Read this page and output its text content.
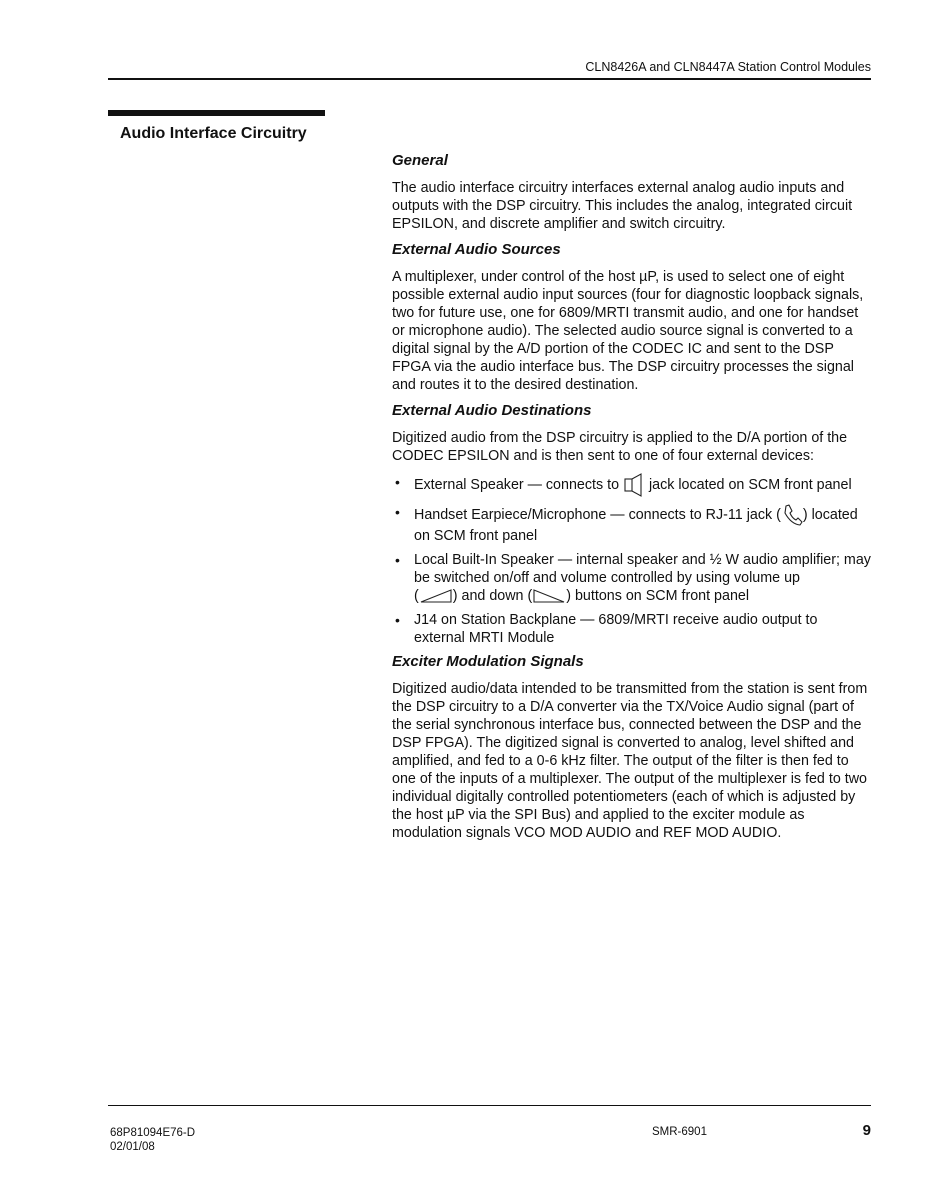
CLN8426A and CLN8447A Station Control Modules
Audio Interface Circuitry
General

The audio interface circuitry interfaces external analog audio inputs and outputs with the DSP circuitry. This includes the analog, integrated circuit EPSILON, and discrete amplifier and switch circuitry.

External Audio Sources

A multiplexer, under control of the host µP, is used to select one of eight possible external audio input sources (four for diagnostic loopback signals, two for future use, one for 6809/MRTI transmit audio, and one for handset or microphone audio). The selected audio source signal is converted to a digital signal by the A/D portion of the CODEC IC and sent to the DSP FPGA via the audio interface bus. The DSP circuitry processes the signal and routes it to the desired destination.

External Audio Destinations

Digitized audio from the DSP circuitry is applied to the D/A portion of the CODEC EPSILON and is then sent to one of four external devices:

• External Speaker — connects to
jack located on SCM front panel
• Handset Earpiece/Microphone — connects to RJ-11 jack ( ) located on SCM front panel
• Local Built-In Speaker — internal speaker and ½ W audio amplifier; may be switched on/off and volume controlled by using volume up
( ) and down ( ) buttons on SCM front panel
• J14 on Station Backplane — 6809/MRTI receive audio output to external MRTI Module
Exciter Modulation Signals

Digitized audio/data intended to be transmitted from the station is sent from the DSP circuitry to a D/A converter via the TX/Voice Audio signal (part of the serial synchronous interface bus, connected between the DSP and the DSP FPGA). The digitized signal is converted to analog, level shifted and amplified, and fed to a 0-6 kHz filter. The output of the filter is then fed to one of the inputs of a multiplexer. The output of the multiplexer is fed to two individual digitally controlled potentiometers (each of which is adjusted by the host µP via the SPI Bus) and applied to the exciter module as modulation signals VCO MOD AUDIO and REF MOD AUDIO.

68P81094E76-D
02/01/08
SMR-6901	9
